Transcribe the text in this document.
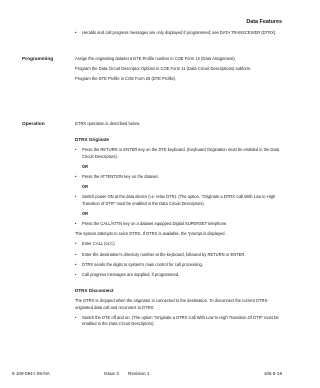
Data Features
• Heralds and call progress messages are only displayed if programmed; see DATA TRANSCEIVER (DTRX).
Programming	Assign the originating dataset a DTE Profile number in COE Form 12 (Data Assignment).

Program the Data Circuit Descriptor Options in COE Form 11 (Data Circuit Descriptions) subform.

Program the DTE Profile in COE Form 29 (DTE Profile).

Operation	DTRX operation is described below.

DTRX Originate

• Press the RETURN or ENTER key on the DTE keyboard. (Keyboard Origination must be enabled in the Data Circuit Descriptors).
OR
• Press the ATTENTION key on the dataset.
OR
• Switch power ON at the data device (i.e. relax DTR). (The option, "Originate a DTRX Call With Low to High Transition of DTR" must be enabled in the Data Circuit Descriptors).
OR
• Press the CALL/ATTN key on a dataset equipped Digital SUPERSET telephone.

The system attempts to seize DTRX. If DTRX is available, the "prompt is displayed.

• Enter CALL (or C)
• Enter the destination's directory number at the keyboard, followed by RETURN or ENTER.
• DTRX sends the digits to system's main control for call processing.
• Call progress messages are supplied, if programmed.

DTRX Disconnect

The DTRX is dropped when the originator is connected to the destination. To disconnect the current DTRX-originated data call and reconnect to DTRX:

• Switch the DTE off and on. (The option "Originate a DTRX Call With Low to High Transition Of DTR" must be enabled in the Data Circuit Descriptors).
9 109-094-I 05-NA	Issue 3 Revision 1	105 6-19
